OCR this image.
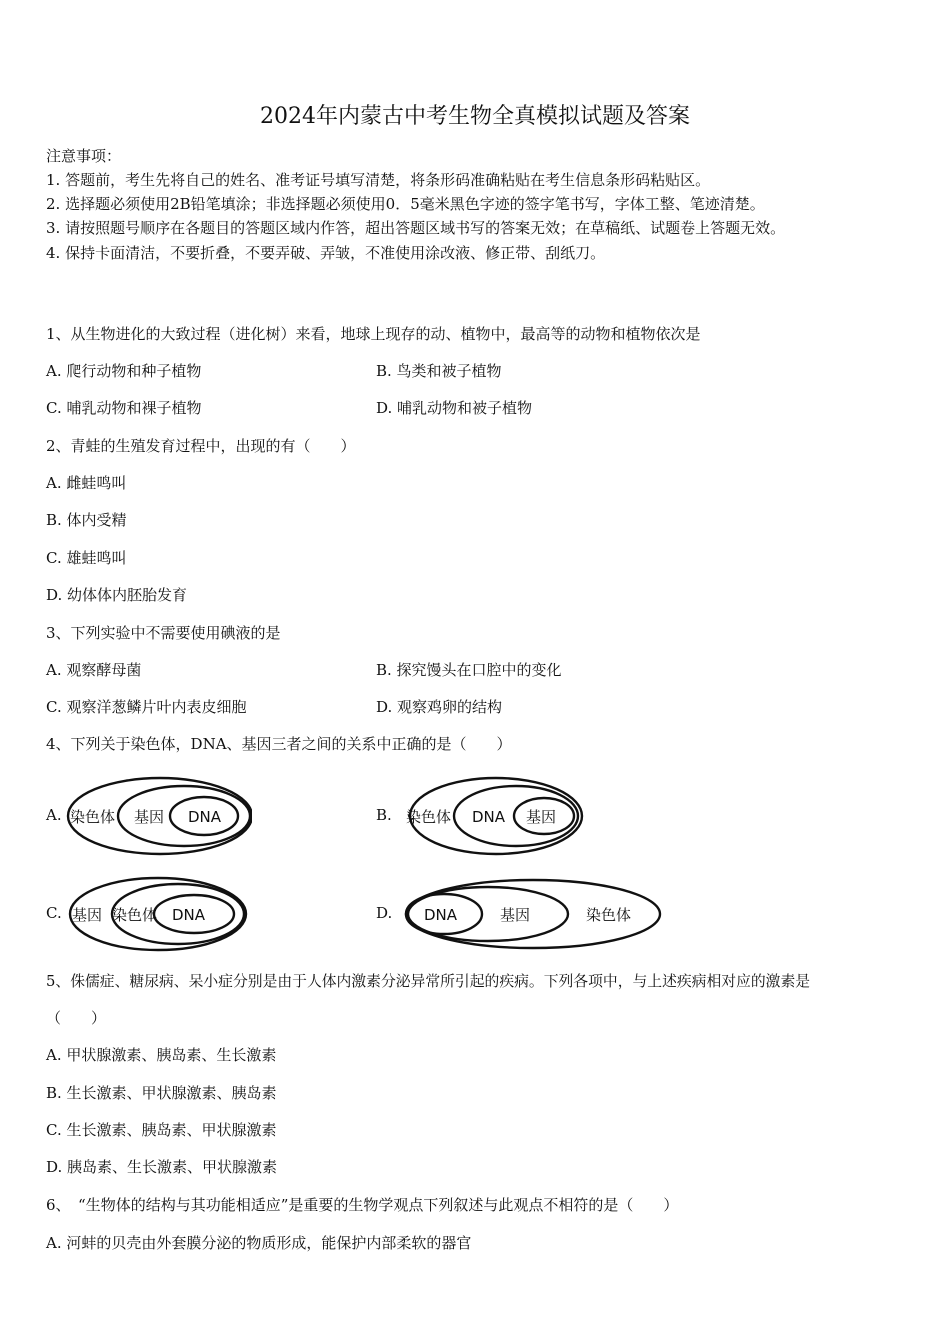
2024年内蒙古中考生物全真模拟试题及答案
注意事项：
1. 答题前，考生先将自己的姓名、准考证号填写清楚，将条形码准确粘贴在考生信息条形码粘贴区。
2. 选择题必须使用2B铅笔填涂；非选择题必须使用0．5毫米黑色字迹的签字笔书写，字体工整、笔迹清楚。
3. 请按照题号顺序在各题目的答题区域内作答，超出答题区域书写的答案无效；在草稿纸、试题卷上答题无效。
4. 保持卡面清洁，不要折叠，不要弄破、弄皱，不准使用涂改液、修正带、刮纸刀。
1、从生物进化的大致过程（进化树）来看，地球上现存的动、植物中，最高等的动物和植物依次是
A. 爬行动物和种子植物	B. 鸟类和被子植物
C. 哺乳动物和裸子植物	D. 哺乳动物和被子植物
2、青蛙的生殖发育过程中，出现的有（　　）
A. 雌蛙鸣叫
B. 体内受精
C. 雄蛙鸣叫
D. 幼体体内胚胎发育
3、下列实验中不需要使用碘液的是
A. 观察酵母菌	B. 探究馒头在口腔中的变化
C. 观察洋葱鳞片叶内表皮细胞	D. 观察鸡卵的结构
4、下列关于染色体，DNA、基因三者之间的关系中正确的是（　　）
A. 染色体 基因 DNA	B. 染色体 DNA 基因
C. 基因 染色体 DNA	D. DNA	基因	染色体
5、侏儒症、糖尿病、呆小症分别是由于人体内激素分泌异常所引起的疾病。下列各项中，与上述疾病相对应的激素是
（　　）
A. 甲状腺激素、胰岛素、生长激素
B. 生长激素、甲状腺激素、胰岛素
C. 生长激素、胰岛素、甲状腺激素
D. 胰岛素、生长激素、甲状腺激素
6、　“生物体的结构与其功能相适应”是重要的生物学观点下列叙述与此观点不相符的是（　　）
A. 河蚌的贝壳由外套膜分泌的物质形成，能保护内部柔软的器官
